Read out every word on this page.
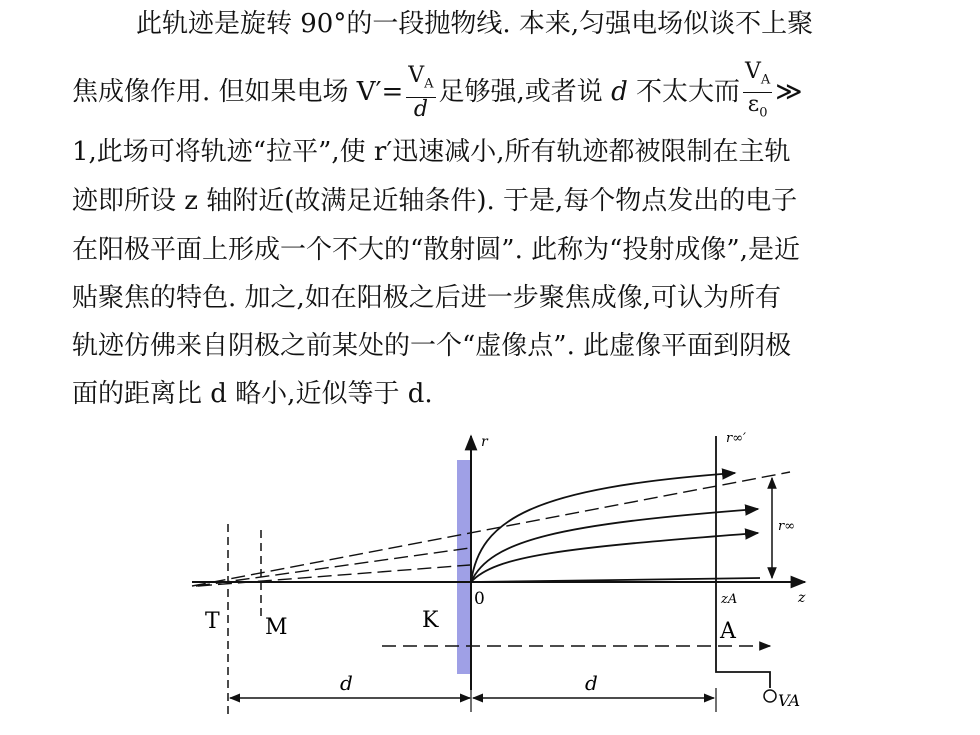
此轨迹是旋转 90°的一段抛物线. 本来,匀强电场似谈不上聚
焦成像作用. 但如果电场 $V'= \frac{V_A}{d}$ 足够强,或者说 d 不太大而 $\frac{V_A}{\varepsilon_0}$ ≫
1,此场可将轨迹“拉平”,使 r′迅速减小,所有轨迹都被限制在主轨
迹即所设 z 轴附近(故满足近轴条件). 于是,每个物点发出的电子
在阳极平面上形成一个不大的“散射圆”. 此称为“投射成像”,是近
贴聚焦的特色. 加之,如在阳极之后进一步聚焦成像,可认为所有
轨迹仿佛来自阴极之前某处的一个“虚像点”. 此虚像平面到阴极
面的距离比 d 略小,近似等于 d.
r	r∞′
r∞
z
zA
0
T M	K	A
d	d
VA
